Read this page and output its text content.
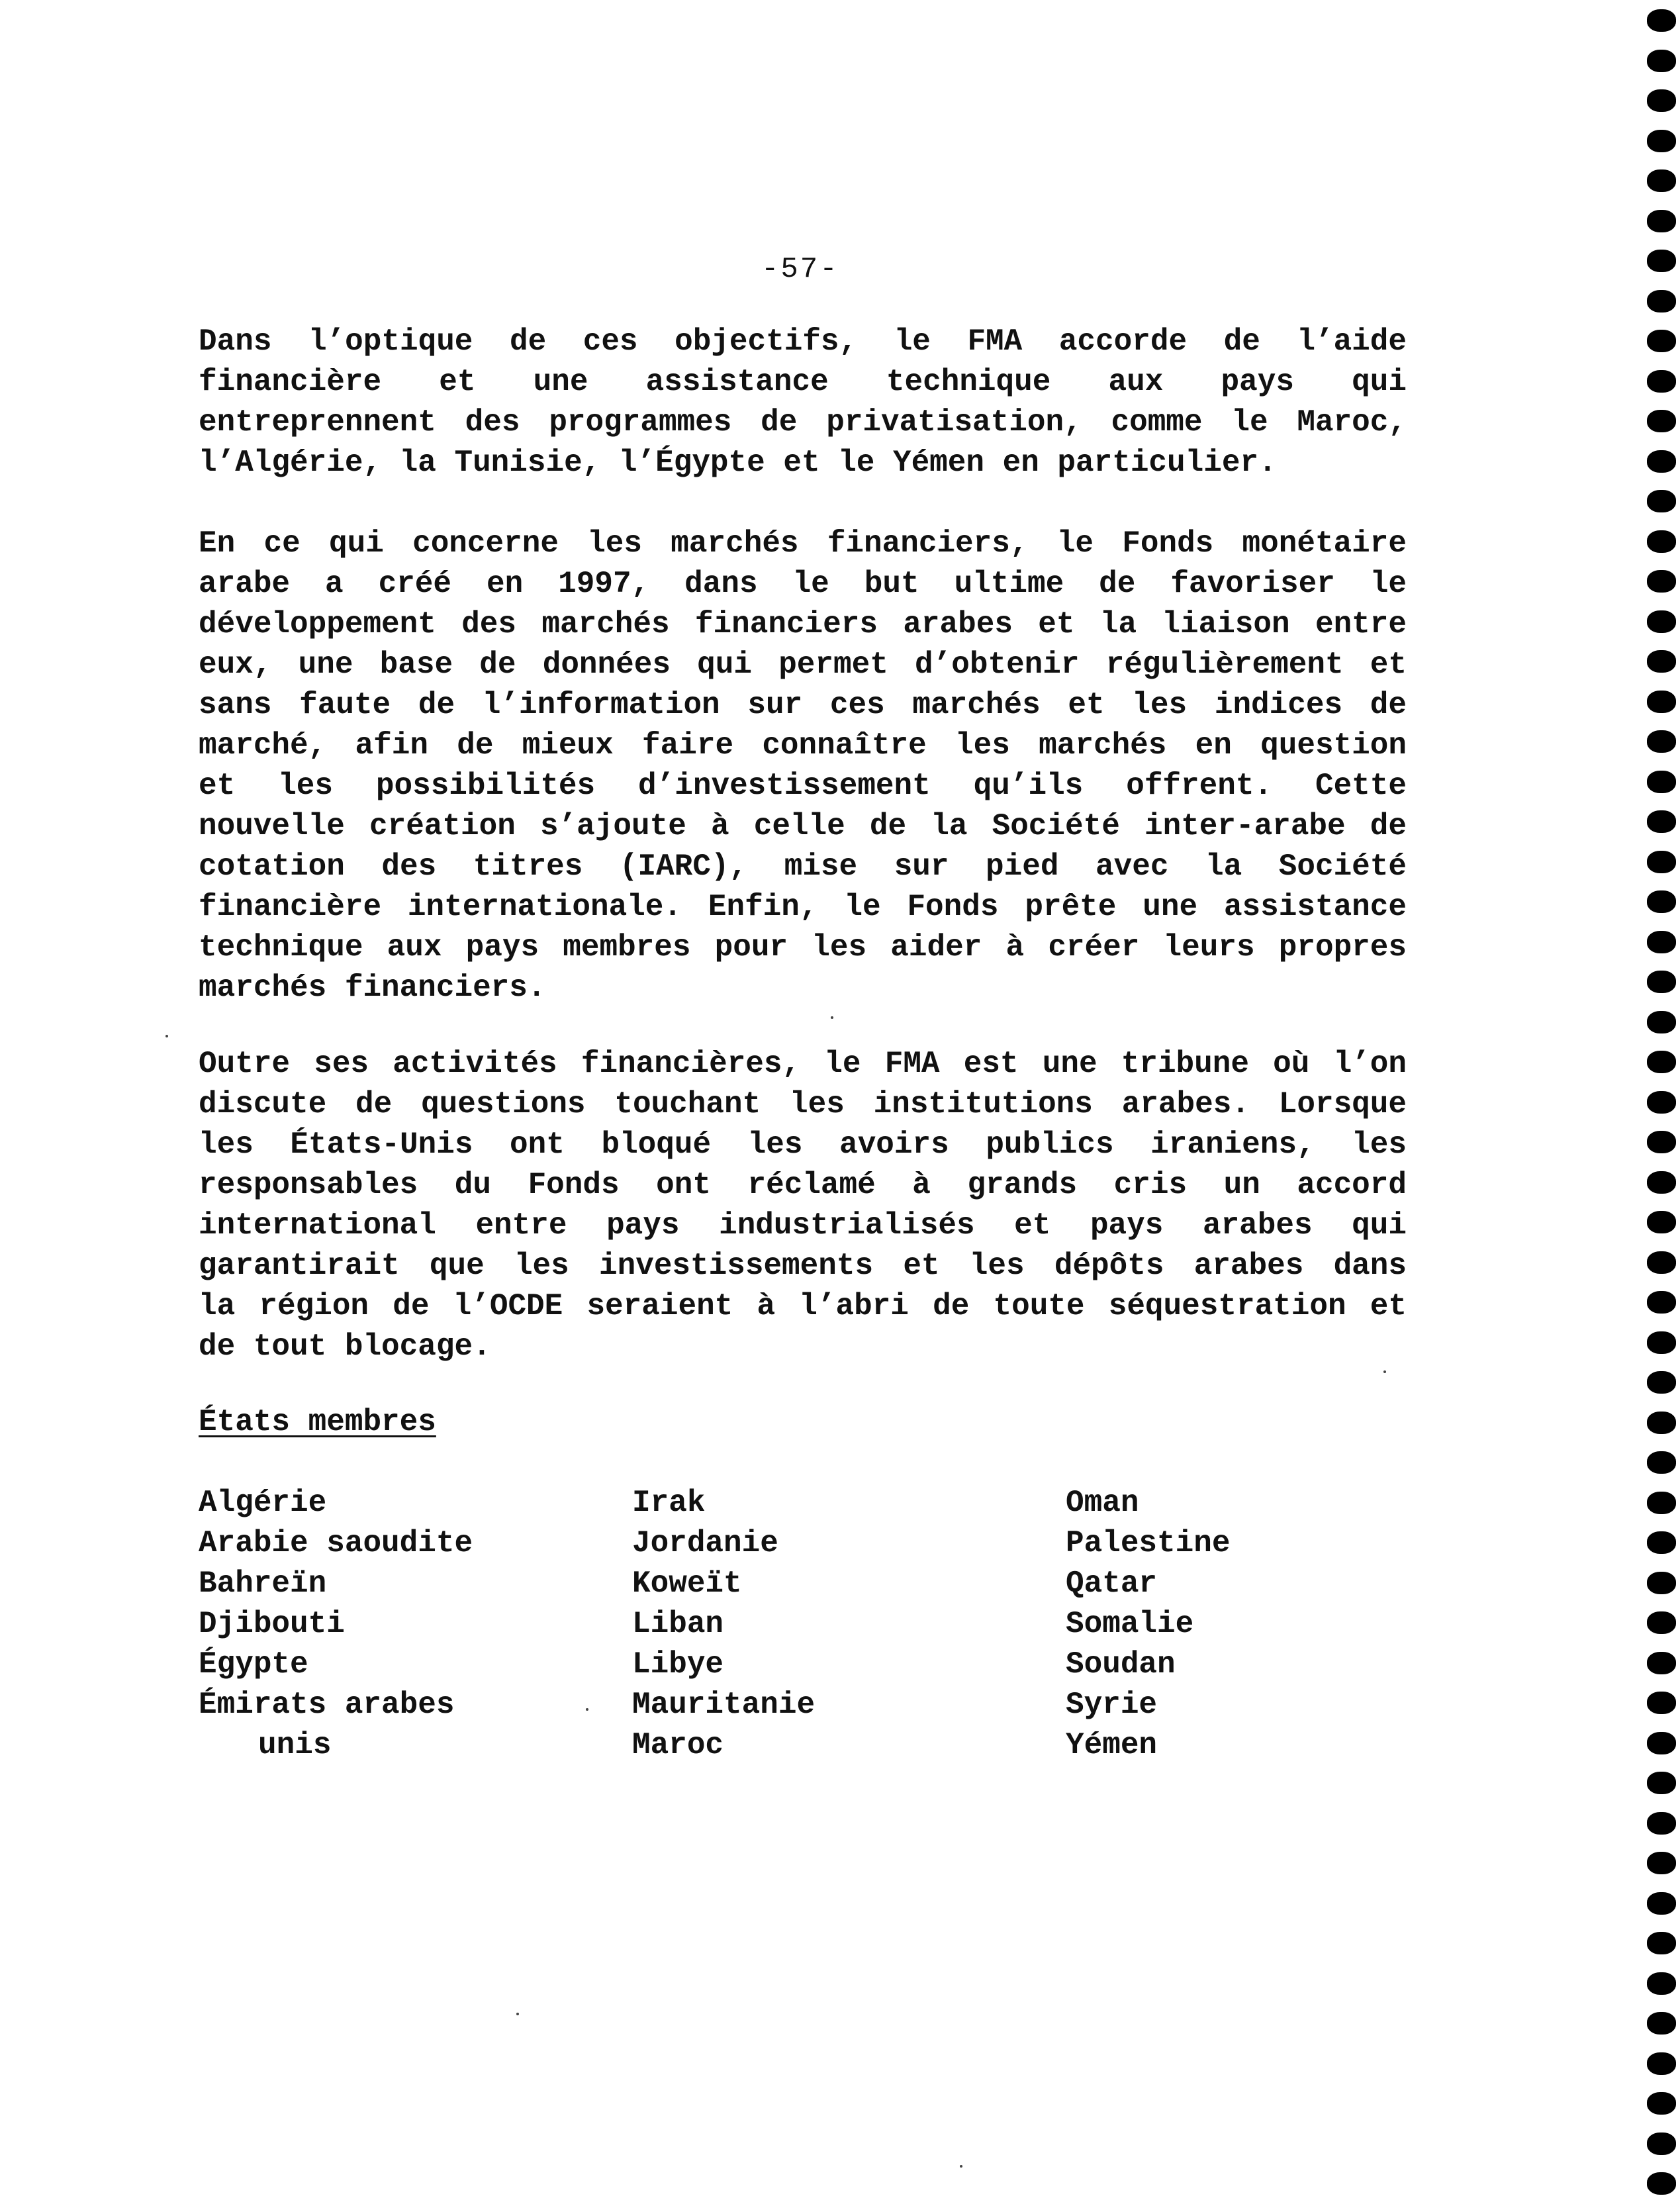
-57-
Dans l’optique de ces objectifs, le FMA accorde de l’aide
financière et une assistance technique aux pays qui
entreprennent des programmes de privatisation, comme le Maroc,
l’Algérie, la Tunisie, l’Égypte et le Yémen en particulier.
En ce qui concerne les marchés financiers, le Fonds monétaire
arabe a créé en 1997, dans le but ultime de favoriser le
développement des marchés financiers arabes et la liaison entre
eux, une base de données qui permet d’obtenir régulièrement et
sans faute de l’information sur ces marchés et les indices de
marché, afin de mieux faire connaître les marchés en question
et les possibilités d’investissement qu’ils offrent. Cette
nouvelle création s’ajoute à celle de la Société inter-arabe de
cotation des titres (IARC), mise sur pied avec la Société
financière internationale. Enfin, le Fonds prête une assistance
technique aux pays membres pour les aider à créer leurs propres
marchés financiers.
Outre ses activités financières, le FMA est une tribune où l’on
discute de questions touchant les institutions arabes. Lorsque
les États-Unis ont bloqué les avoirs publics iraniens, les
responsables du Fonds ont réclamé à grands cris un accord
international entre pays industrialisés et pays arabes qui
garantirait que les investissements et les dépôts arabes dans
la région de l’OCDE seraient à l’abri de toute séquestration et
de tout blocage.
États membres
Algérie
Arabie saoudite
Bahreïn
Djibouti
Égypte
Émirats arabes
unis
Irak
Jordanie
Koweït
Liban
Libye
Mauritanie
Maroc
Oman
Palestine
Qatar
Somalie
Soudan
Syrie
Yémen
